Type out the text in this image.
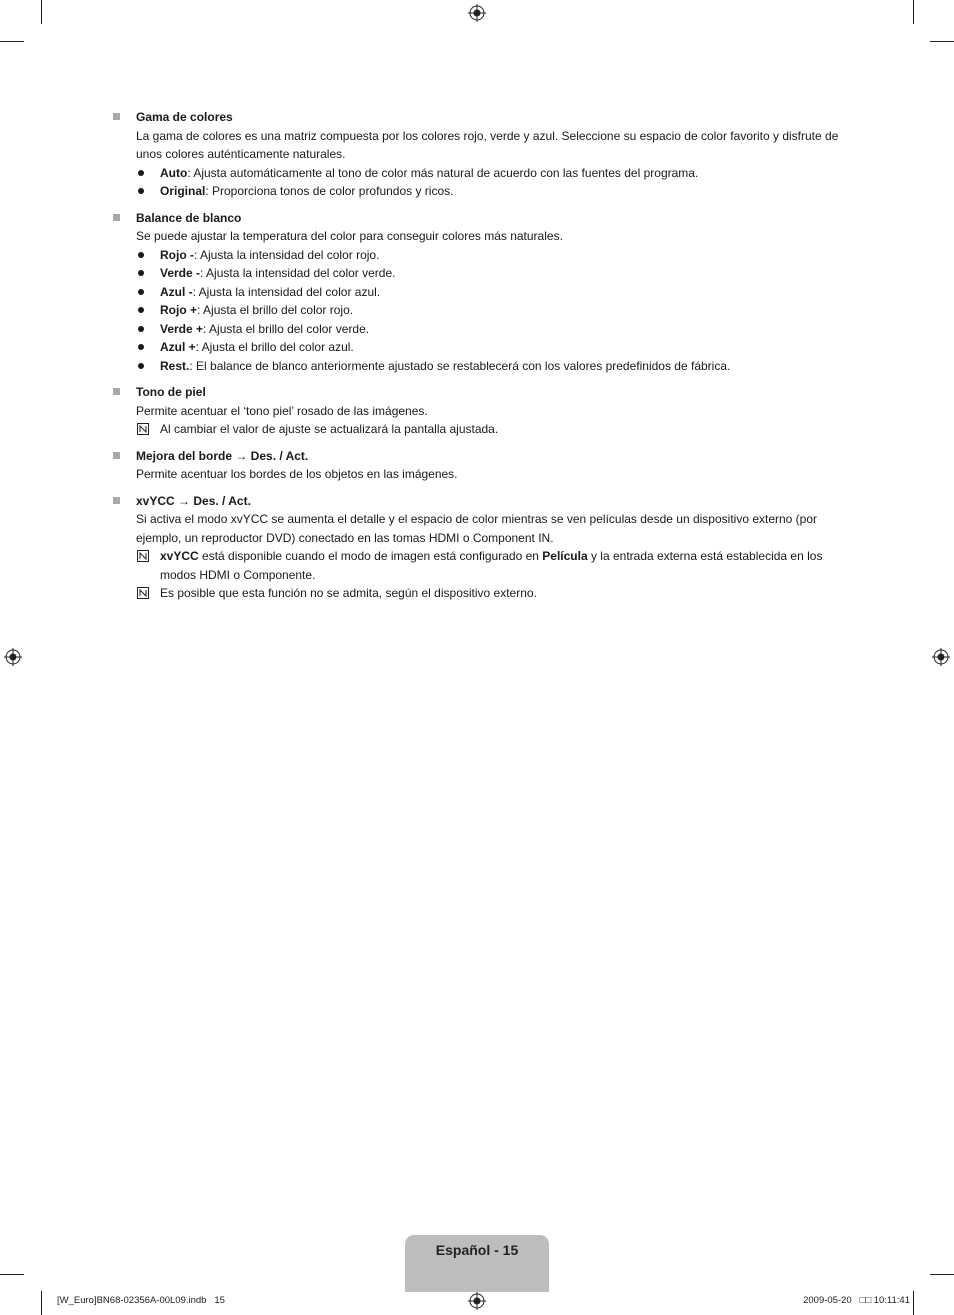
Gama de colores
La gama de colores es una matriz compuesta por los colores rojo, verde y azul. Seleccione su espacio de color favorito y disfrute de unos colores auténticamente naturales.
Auto: Ajusta automáticamente al tono de color más natural de acuerdo con las fuentes del programa.
Original: Proporciona tonos de color profundos y ricos.
Balance de blanco
Se puede ajustar la temperatura del color para conseguir colores más naturales.
Rojo -: Ajusta la intensidad del color rojo.
Verde -: Ajusta la intensidad del color verde.
Azul -: Ajusta la intensidad del color azul.
Rojo +: Ajusta el brillo del color rojo.
Verde +: Ajusta el brillo del color verde.
Azul +: Ajusta el brillo del color azul.
Rest.: El balance de blanco anteriormente ajustado se restablecerá con los valores predefinidos de fábrica.
Tono de piel
Permite acentuar el ‘tono piel’ rosado de las imágenes.
Al cambiar el valor de ajuste se actualizará la pantalla ajustada.
Mejora del borde → Des. / Act.
Permite acentuar los bordes de los objetos en las imágenes.
xvYCC → Des. / Act.
Si activa el modo xvYCC se aumenta el detalle y el espacio de color mientras se ven películas desde un dispositivo externo (por ejemplo, un reproductor DVD) conectado en las tomas HDMI o Component IN.
xvYCC está disponible cuando el modo de imagen está configurado en Película y la entrada externa está establecida en los modos HDMI o Componente.
Es posible que esta función no se admita, según el dispositivo externo.
Español - 15
[W_Euro]BN68-02356A-00L09.indb   15	2009-05-20   □□ 10:11:41
